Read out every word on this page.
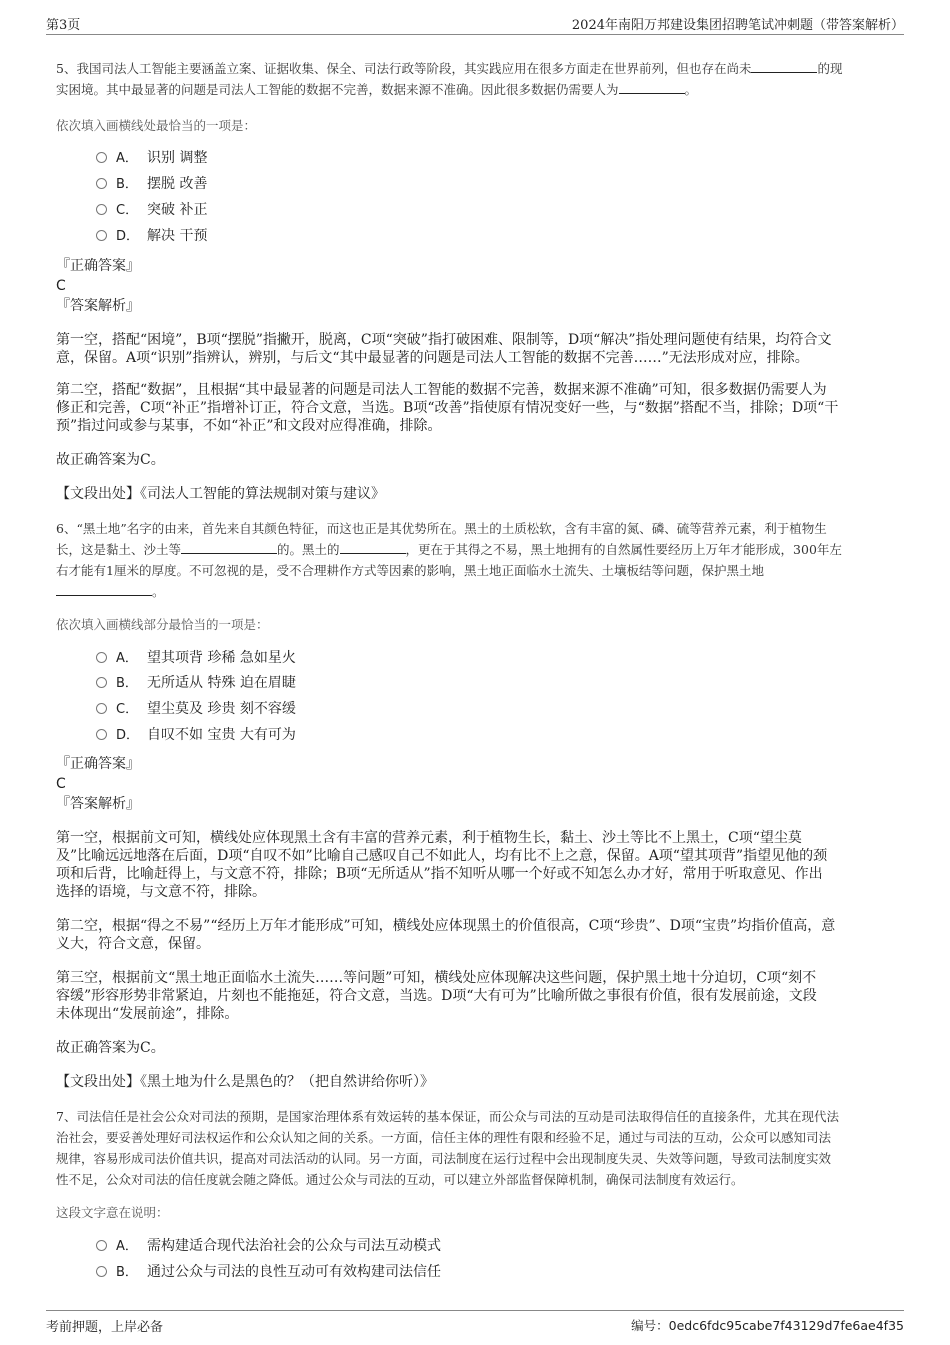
第3页	2024年南阳万邦建设集团招聘笔试冲刺题（带答案解析）

5、我国司法人工智能主要涵盖立案、证据收集、保全、司法行政等阶段，其实践应用在很多方面走在世界前列，但也存在尚未	的现
实困境。其中最显著的问题是司法人工智能的数据不完善，数据来源不准确。因此很多数据仍需要人为	。

依次填入画横线处最恰当的一项是：

A． 识别 调整
B． 摆脱 改善
C． 突破 补正
D． 解决 干预

『正确答案』

C

『答案解析』

第一空，搭配“困境”，B项“摆脱”指撇开，脱离，C项“突破”指打破困难、限制等，D项“解决”指处理问题使有结果，均符合文
意，保留。A项“识别”指辨认，辨别，与后文“其中最显著的问题是司法人工智能的数据不完善……”无法形成对应，排除。

第二空，搭配“数据”，且根据“其中最显著的问题是司法人工智能的数据不完善，数据来源不准确”可知，很多数据仍需要人为
修正和完善，C项“补正”指增补订正，符合文意，当选。B项“改善”指使原有情况变好一些，与“数据”搭配不当，排除；D项“干
预”指过问或参与某事，不如“补正”和文段对应得准确，排除。

故正确答案为C。

【文段出处】《司法人工智能的算法规制对策与建议》

6、“黑土地”名字的由来，首先来自其颜色特征，而这也正是其优势所在。黑土的土质松软，含有丰富的氮、磷、硫等营养元素，利于植物生
长，这是黏土、沙土等	的。黑土的	，更在于其得之不易，黑土地拥有的自然属性要经历上万年才能形成，300年左
右才能有1厘米的厚度。不可忽视的是，受不合理耕作方式等因素的影响，黑土地正面临水土流失、土壤板结等问题，保护黑土地
。

依次填入画横线部分最恰当的一项是：

A． 望其项背 珍稀 急如星火
B． 无所适从 特殊 迫在眉睫
C． 望尘莫及 珍贵 刻不容缓
D． 自叹不如 宝贵 大有可为

『正确答案』

C

『答案解析』

第一空，根据前文可知，横线处应体现黑土含有丰富的营养元素，利于植物生长，黏土、沙土等比不上黑土，C项“望尘莫
及”比喻远远地落在后面，D项“自叹不如”比喻自己感叹自己不如此人，均有比不上之意，保留。A项“望其项背”指望见他的颈
项和后背，比喻赶得上，与文意不符，排除；B项“无所适从”指不知听从哪一个好或不知怎么办才好，常用于听取意见、作出
选择的语境，与文意不符，排除。

第二空，根据“得之不易”“经历上万年才能形成”可知，横线处应体现黑土的价值很高，C项“珍贵”、D项“宝贵”均指价值高，意
义大，符合文意，保留。

第三空，根据前文“黑土地正面临水土流失……等问题”可知，横线处应体现解决这些问题，保护黑土地十分迫切，C项“刻不
容缓”形容形势非常紧迫，片刻也不能拖延，符合文意，当选。D项“大有可为”比喻所做之事很有价值，很有发展前途，文段
未体现出“发展前途”，排除。

故正确答案为C。

【文段出处】《黑土地为什么是黑色的？（把自然讲给你听）》

7、司法信任是社会公众对司法的预期，是国家治理体系有效运转的基本保证，而公众与司法的互动是司法取得信任的直接条件，尤其在现代法
治社会，要妥善处理好司法权运作和公众认知之间的关系。一方面，信任主体的理性有限和经验不足，通过与司法的互动，公众可以感知司法
规律，容易形成司法价值共识，提高对司法活动的认同。另一方面，司法制度在运行过程中会出现制度失灵、失效等问题，导致司法制度实效
性不足，公众对司法的信任度就会随之降低。通过公众与司法的互动，可以建立外部监督保障机制，确保司法制度有效运行。

这段文字意在说明：

A． 需构建适合现代法治社会的公众与司法互动模式
B． 通过公众与司法的良性互动可有效构建司法信任
考前押题，上岸必备	编号：0edc6fdc95cabe7f43129d7fe6ae4f35
